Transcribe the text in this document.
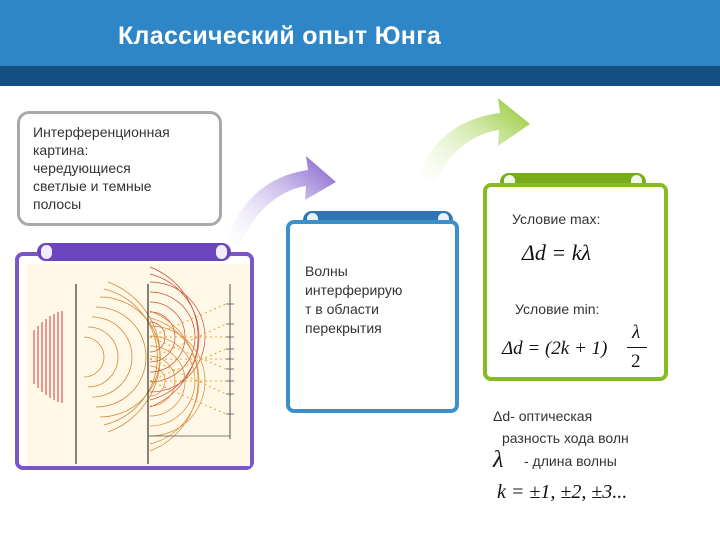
Классический опыт Юнга
Интерференционная
картина:
чередующиеся
светлые и темные
полосы
Волны
интерферирую
т в области
перекрытия
Условие max:
Δd = kλ
Условие min:
Δd = (2k + 1)
λ
2
Δd- оптическая
разность хода волн
λ - длина волны
k = ±1, ±2, ±3...
